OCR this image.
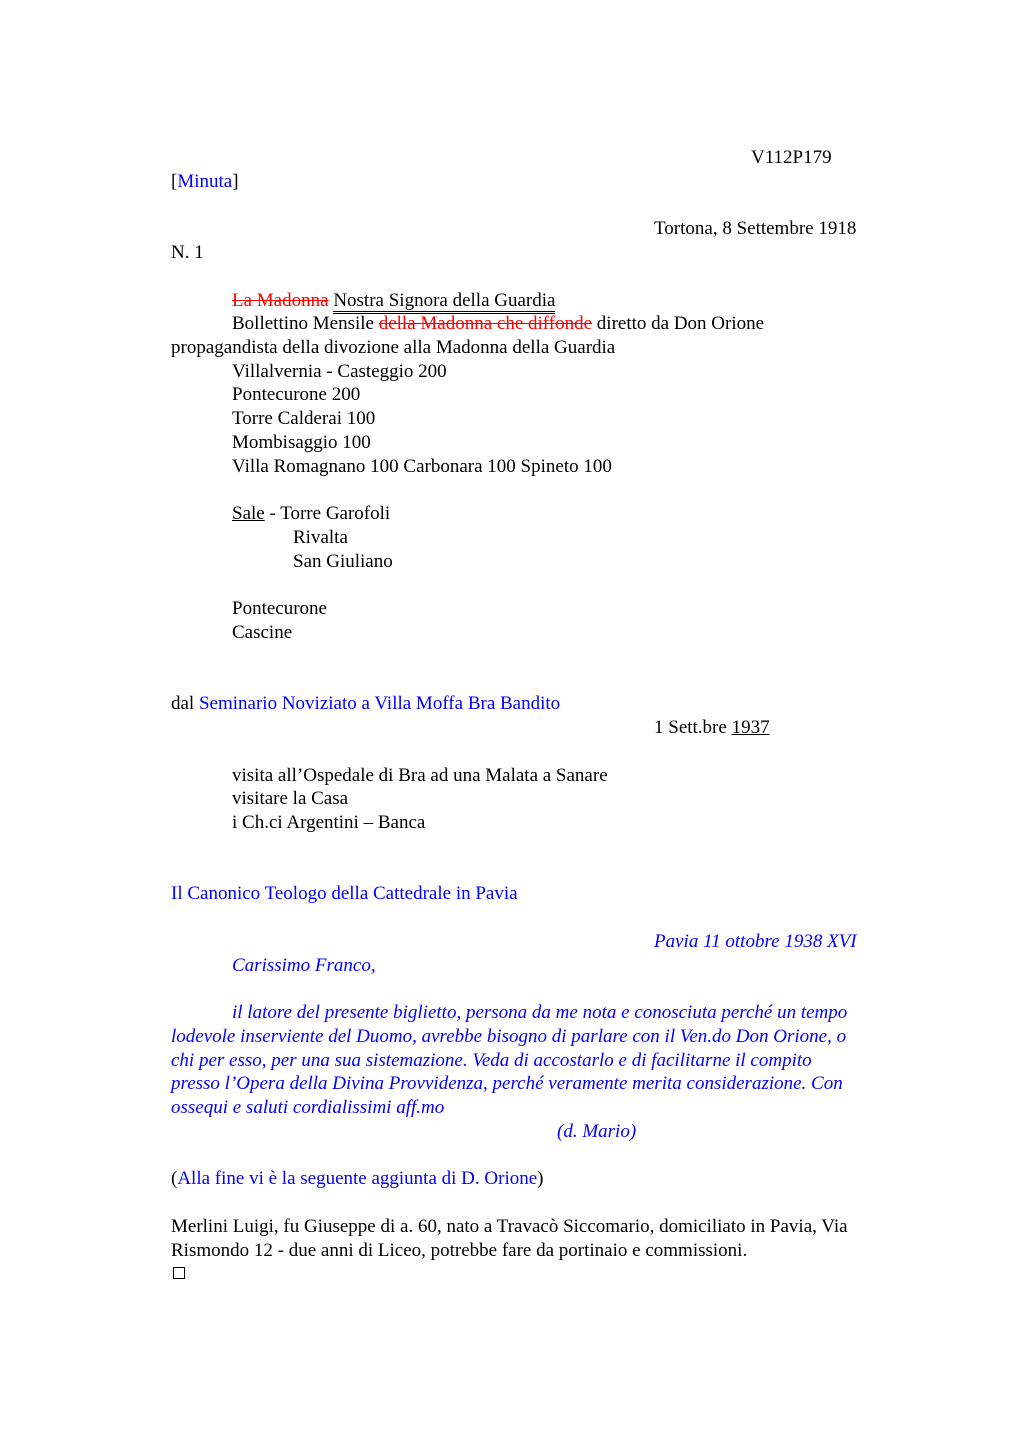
V112P179
[Minuta]
Tortona, 8 Settembre 1918
N. 1
La Madonna Nostra Signora della Guardia
Bollettino Mensile della Madonna che diffonde diretto da Don Orione
propagandista della divozione alla Madonna della Guardia
Villalvernia - Casteggio 200
Pontecurone 200
Torre Calderai 100
Mombisaggio 100
Villa Romagnano 100 Carbonara 100 Spineto 100
Sale - Torre Garofoli
Rivalta
San Giuliano
Pontecurone
Cascine
dal Seminario Noviziato a Villa Moffa Bra Bandito
1 Sett.bre 1937
visita all’Ospedale di Bra ad una Malata a Sanare
visitare la Casa
i Ch.ci Argentini – Banca
Il Canonico Teologo della Cattedrale in Pavia
Pavia 11 ottobre 1938 XVI
Carissimo Franco,
il latore del presente biglietto, persona da me nota e conosciuta perché un tempo
lodevole inserviente del Duomo, avrebbe bisogno di parlare con il Ven.do Don Orione, o
chi per esso, per una sua sistemazione. Veda di accostarlo e di facilitarne il compito
presso l’Opera della Divina Provvidenza, perché veramente merita considerazione. Con
ossequi e saluti cordialissimi aff.mo
(d. Mario)
(Alla fine vi è la seguente aggiunta di D. Orione)
Merlini Luigi, fu Giuseppe di a. 60, nato a Travacò Siccomario, domiciliato in Pavia, Via
Rismondo 12 - due anni di Liceo, potrebbe fare da portinaio e commissioni.
